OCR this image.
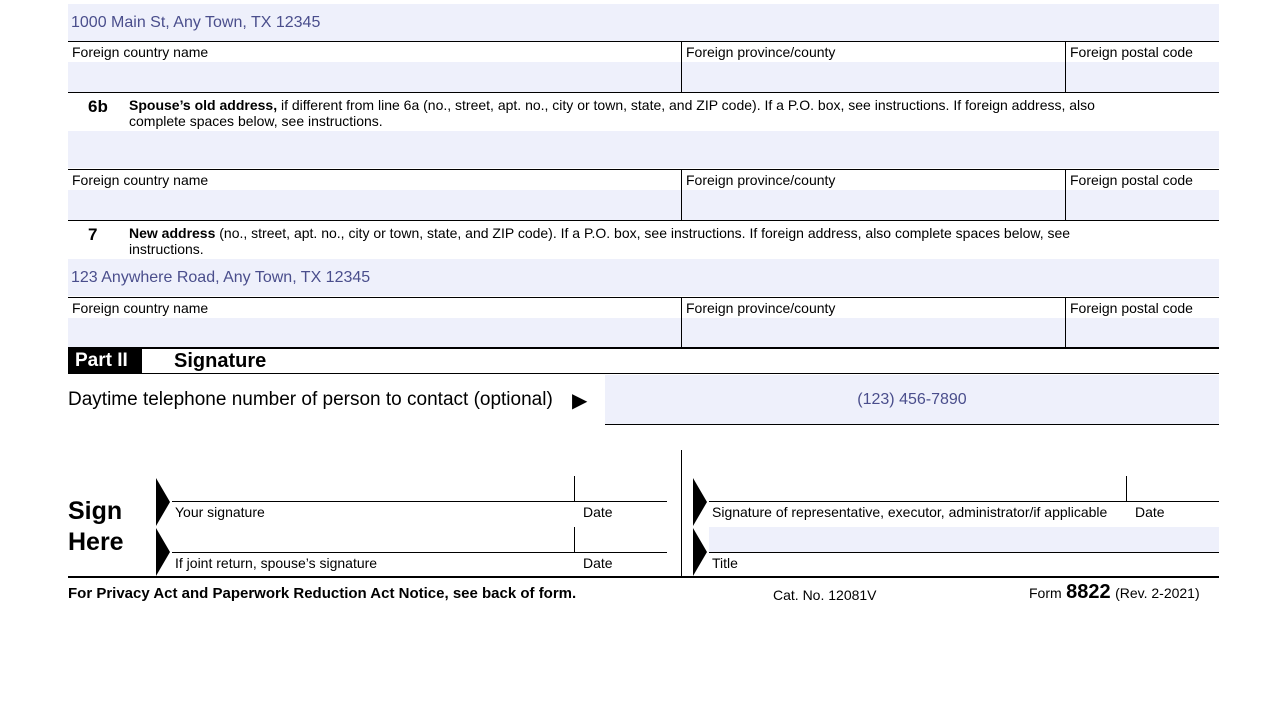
1000 Main St, Any Town, TX 12345
Foreign country name	Foreign province/county	Foreign postal code
6b Spouse’s old address, if different from line 6a (no., street, apt. no., city or town, state, and ZIP code). If a P.O. box, see instructions. If foreign address, also
complete spaces below, see instructions.
Foreign country name	Foreign province/county	Foreign postal code
7 New address (no., street, apt. no., city or town, state, and ZIP code). If a P.O. box, see instructions. If foreign address, also complete spaces below, see
instructions.
123 Anywhere Road, Any Town, TX 12345
Foreign country name	Foreign province/county	Foreign postal code
Part II	Signature
Daytime telephone number of person to contact (optional) ▶	(123) 456-7890
Sign
Here
Your signature	Date
If joint return, spouse’s signature	Date
Signature of representative, executor, administrator/if applicable Date
Title
For Privacy Act and Paperwork Reduction Act Notice, see back of form.	Cat. No. 12081V	Form 8822 (Rev. 2-2021)
